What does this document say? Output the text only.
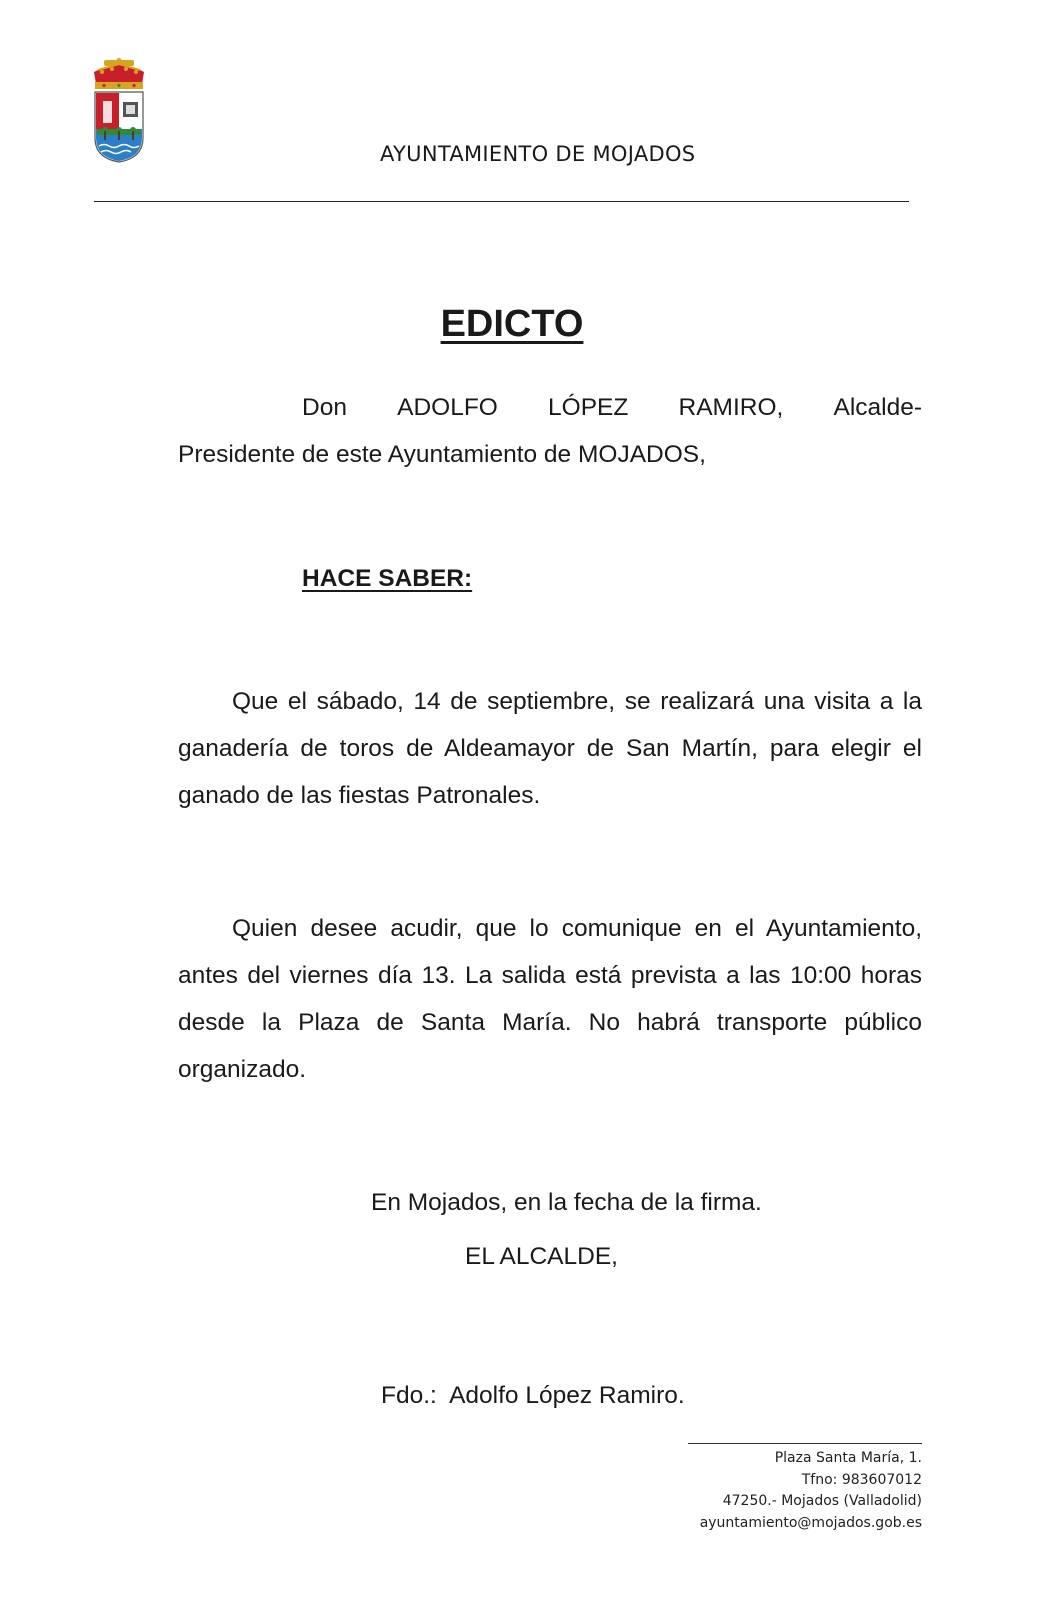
AYUNTAMIENTO DE MOJADOS
EDICTO
Don ADOLFO LÓPEZ RAMIRO, Alcalde-
Presidente de este Ayuntamiento de MOJADOS,
HACE SABER:
Que el sábado, 14 de septiembre, se realizará una visita a la ganadería de toros de Aldeamayor de San Martín, para elegir el ganado de las fiestas Patronales.
Quien desee acudir, que lo comunique en el Ayuntamiento, antes del viernes día 13. La salida está prevista a las 10:00 horas desde la Plaza de Santa María. No habrá transporte público organizado.
En Mojados, en la fecha de la firma.
EL ALCALDE,
Fdo.:  Adolfo López Ramiro.
Plaza Santa María, 1.
Tfno: 983607012
47250.- Mojados (Valladolid)
ayuntamiento@mojados.gob.es
